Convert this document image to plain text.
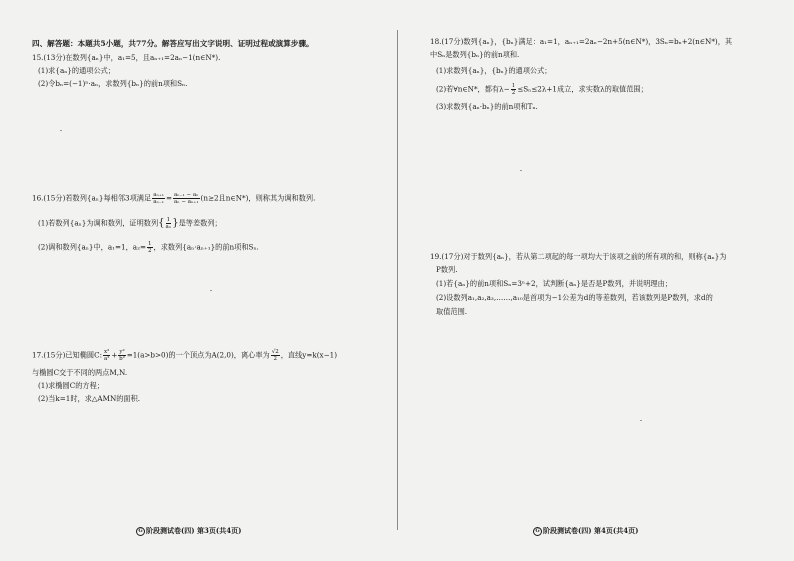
四、解答题：本题共5小题，共77分。解答应写出文字说明、证明过程或演算步骤。
15.(13分)在数列{aₙ}中，a₁=5，且aₙ₊₁=2aₙ−1(n∈N*).
(1)求{aₙ}的通项公式；
(2)令bₙ=(−1)ⁿ·aₙ，求数列{bₙ}的前n项和Sₙ.
16.(15分)若数列{aₙ}每相邻3项满足 $\frac{\text{aₙ₊₁}}{\text{aₙ₋₁}} = \frac{\text{aₙ₋₁ − aₙ}}{\text{aₙ − aₙ₊₁}} (n\ge 2$且n∈N*)，则称其为调和数列.
(1)若数列{aₙ}为调和数列，证明数列{ $\frac{1}{\text{aₙ}}$ }是等差数列；
(2)调和数列{aₙ}中，a₁=1，$a_2= \frac{1}{2}$ ，求数列{aₙ·aₙ₊₁}的前n项和Sₙ.
17.(15分)已知椭圆C: $\frac{\text{x²}}{\text{a²}} + \frac{\text{y²}}{\text{b²}} =1(a>b>0)$的一个顶点为A(2,0)，离心率为 $\frac{√2}{2}$ ，直线y=k(x−1)
与椭圆C交于不同的两点M,N.
(1)求椭圆C的方程；
(2)当k=1时，求△AMN的面积.
G 阶段测试卷(四) 第3页(共4页)
18.(17分)数列{aₙ}，{bₙ}满足：a₁=1，aₙ₊₁=2aₙ−2n+5(n∈N*)，3Sₙ=bₙ+2(n∈N*)，其
中Sₙ是数列{bₙ}的前n项和.
(1)求数列{aₙ}，{bₙ}的通项公式；
(2)若∀n∈N*，都有$\lambda- \frac{1}{2} \le S_n\le 2\lambda+1$成立，求实数λ的取值范围；
(3)求数列{aₙ·bₙ}的前n项和Tₙ.
19.(17分)对于数列{aₙ}，若从第二项起的每一项均大于该项之前的所有项的和，则称{aₙ}为
P数列.
(1)若{aₙ}的前n项和Sₙ=3ⁿ+2，试判断{aₙ}是否是P数列，并说明理由；
(2)设数列a₁,a₂,a₃,……,a₁₀是首项为−1公差为d的等差数列，若该数列是P数列，求d的
取值范围.
G 阶段测试卷(四) 第4页(共4页)
